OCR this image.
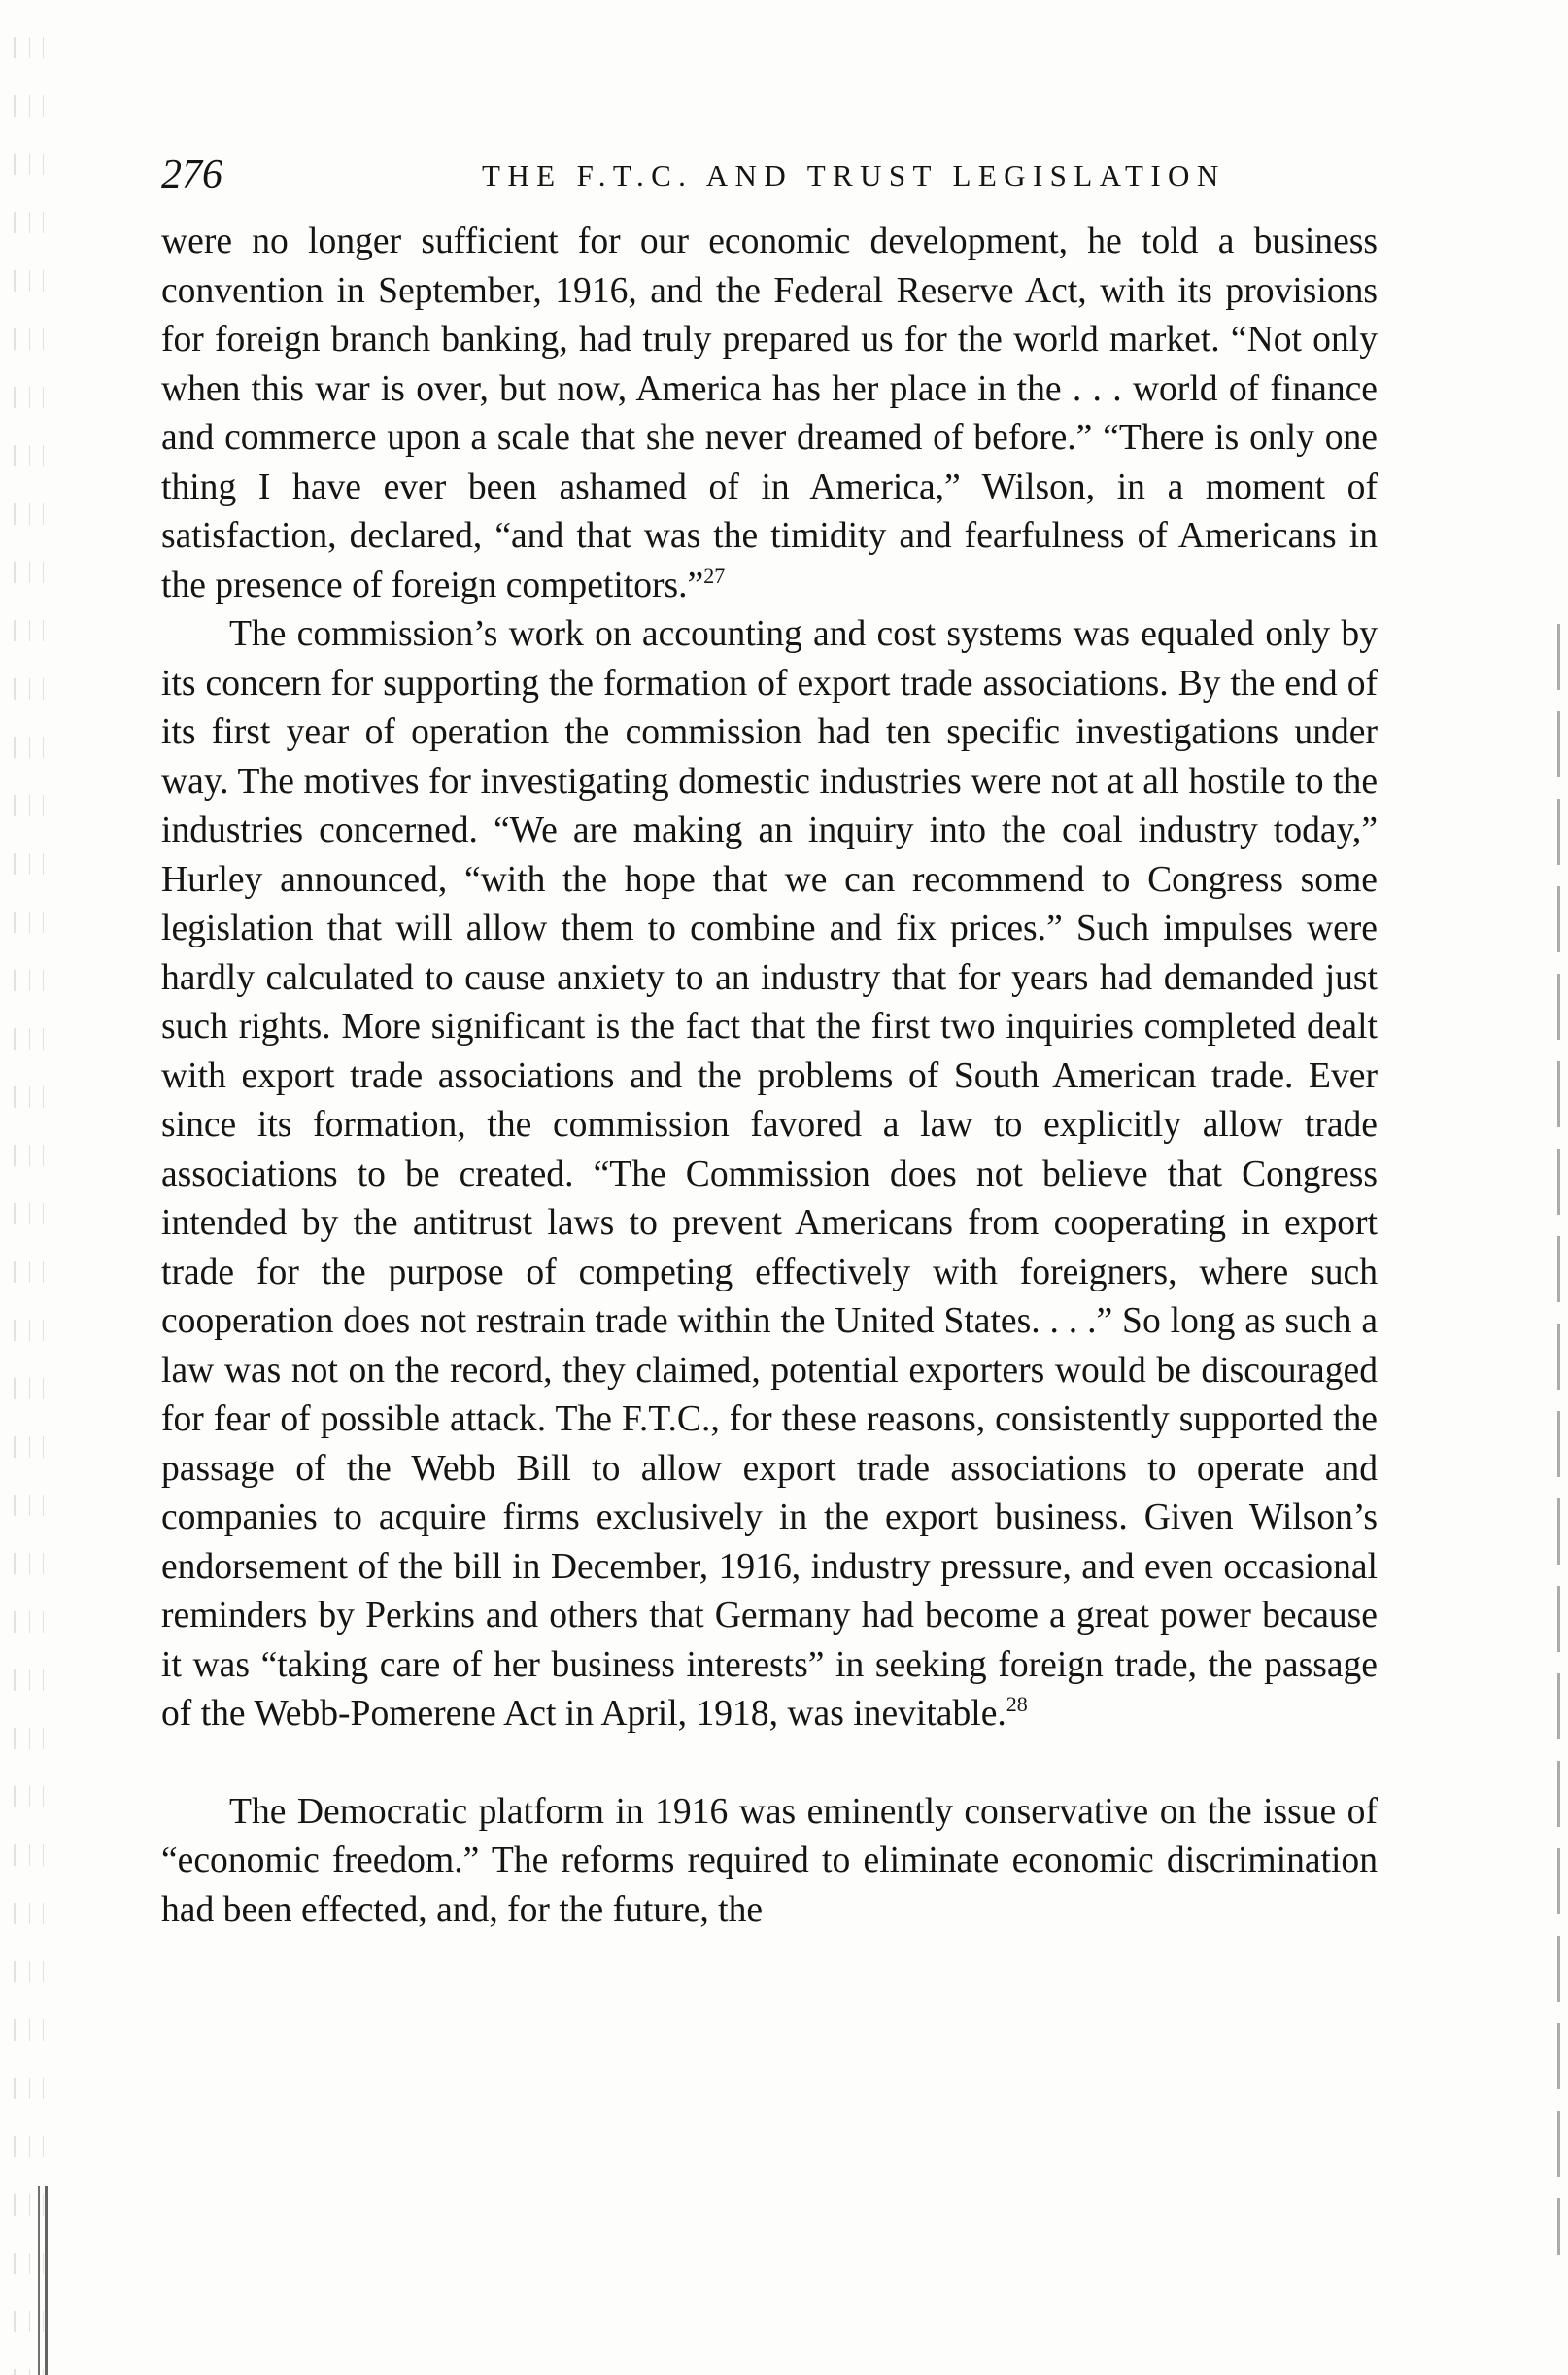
276	THE F.T.C. AND TRUST LEGISLATION

were no longer sufficient for our economic development, he told a business convention in September, 1916, and the Federal Reserve Act, with its provisions for foreign branch banking, had truly prepared us for the world market. “Not only when this war is over, but now, America has her place in the . . . world of finance and commerce upon a scale that she never dreamed of before.” “There is only one thing I have ever been ashamed of in America,” Wilson, in a moment of satisfaction, declared, “and that was the timidity and fearfulness of Americans in the presence of foreign competitors.”$^{27}$

The commission’s work on accounting and cost systems was equaled only by its concern for supporting the formation of export trade associations. By the end of its first year of operation the commission had ten specific investigations under way. The motives for investigating domestic industries were not at all hostile to the industries concerned. “We are making an inquiry into the coal industry today,” Hurley announced, “with the hope that we can recommend to Congress some legislation that will allow them to combine and fix prices.” Such impulses were hardly calculated to cause anxiety to an industry that for years had demanded just such rights. More significant is the fact that the first two inquiries completed dealt with export trade associations and the problems of South American trade. Ever since its formation, the commission favored a law to explicitly allow trade associations to be created. “The Commission does not believe that Congress intended by the antitrust laws to prevent Americans from cooperating in export trade for the purpose of competing effectively with foreigners, where such cooperation does not restrain trade within the United States. . . .” So long as such a law was not on the record, they claimed, potential exporters would be discouraged for fear of possible attack. The F.T.C., for these reasons, consistently supported the passage of the Webb Bill to allow export trade associations to operate and companies to acquire firms exclusively in the export business. Given Wilson’s endorsement of the bill in December, 1916, industry pressure, and even occasional reminders by Perkins and others that Germany had become a great power because it was “taking care of her business interests” in seeking foreign trade, the passage of the Webb-Pomerene Act in April, 1918, was inevitable.$^{28}$

The Democratic platform in 1916 was eminently conservative on the issue of “economic freedom.” The reforms required to eliminate economic discrimination had been effected, and, for the future, the
